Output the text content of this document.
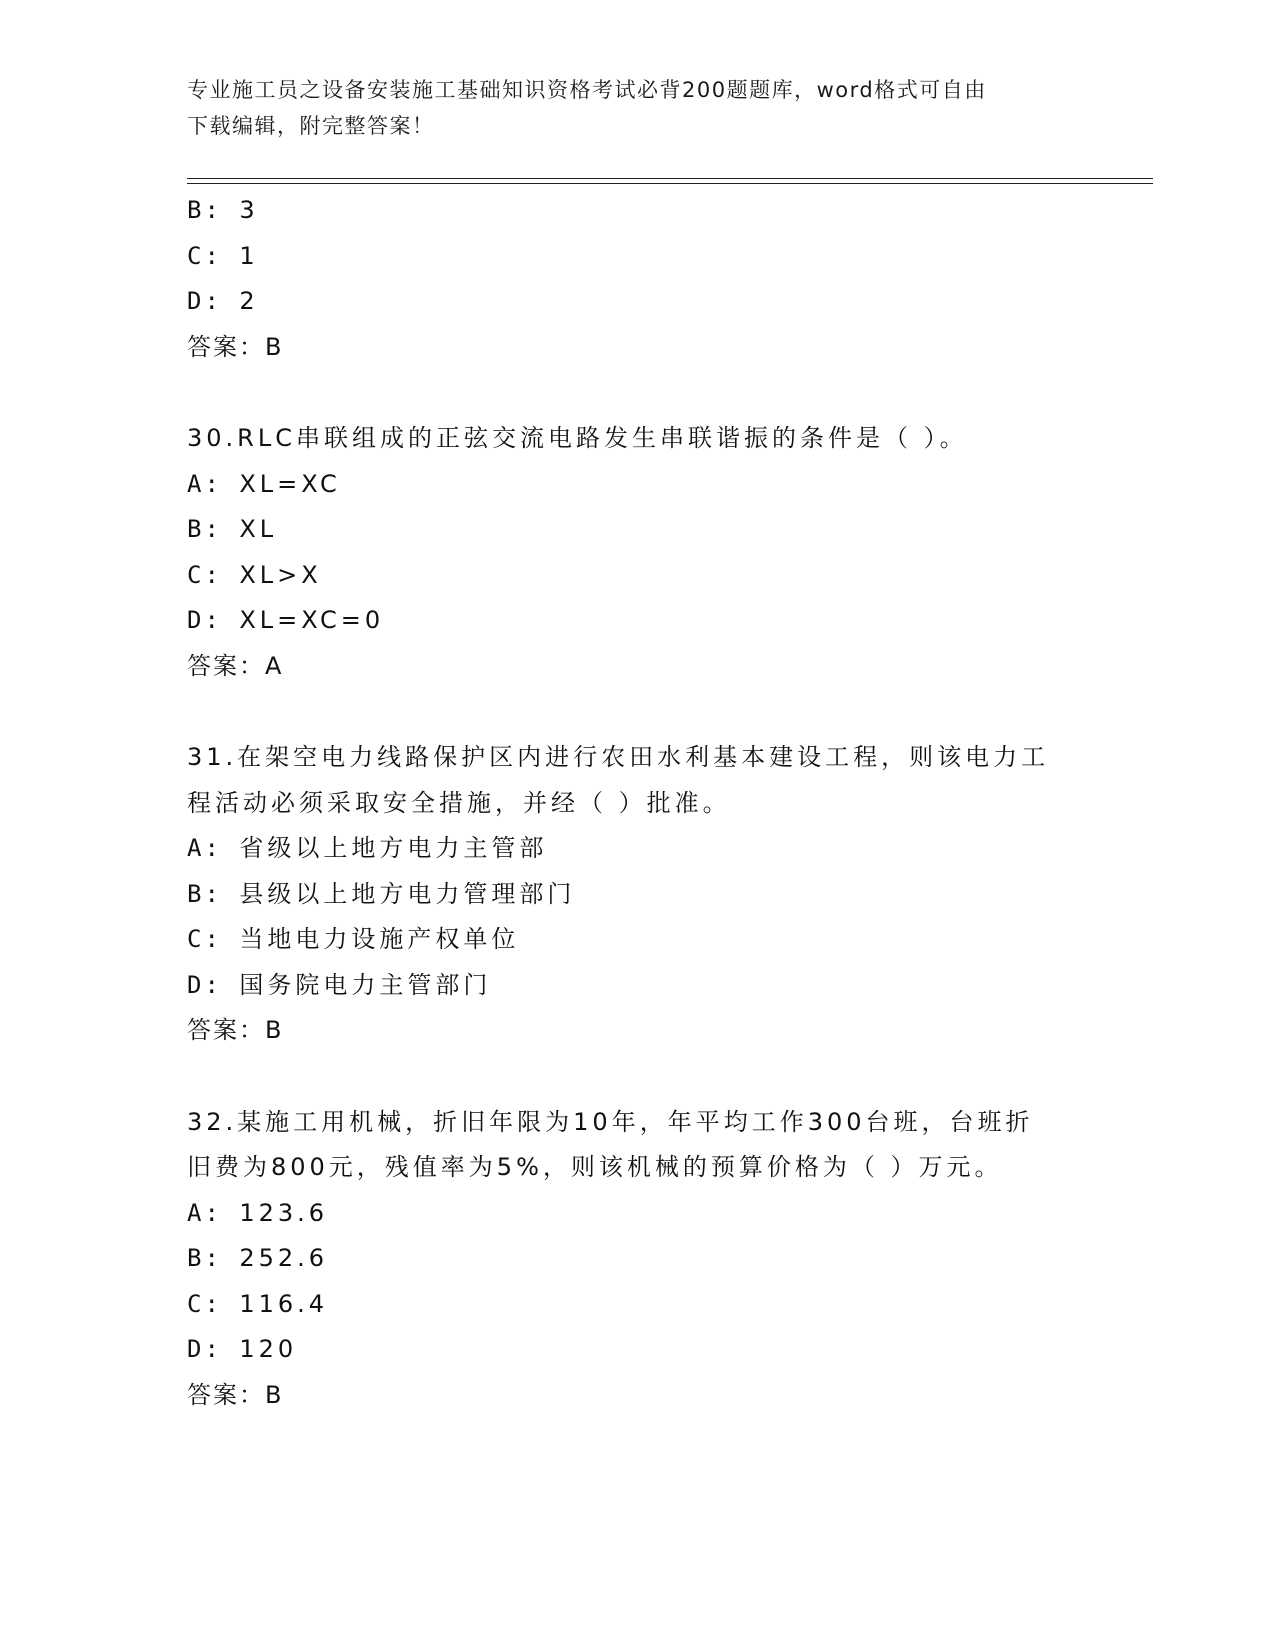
专业施工员之设备安装施工基础知识资格考试必背200题题库，word格式可自由
下载编辑，附完整答案！
B: 3
C: 1
D: 2
答案：B
30.RLC串联组成的正弦交流电路发生串联谐振的条件是（ ）。
A: XL=XC
B: XL
C: XL>X
D: XL=XC=0
答案：A
31.在架空电力线路保护区内进行农田水利基本建设工程，则该电力工
程活动必须采取安全措施，并经（ ）批准。
A: 省级以上地方电力主管部
B: 县级以上地方电力管理部门
C: 当地电力设施产权单位
D: 国务院电力主管部门
答案：B
32.某施工用机械，折旧年限为10年，年平均工作300台班，台班折
旧费为800元，残值率为5%，则该机械的预算价格为（ ）万元。
A: 123.6
B: 252.6
C: 116.4
D: 120
答案：B
